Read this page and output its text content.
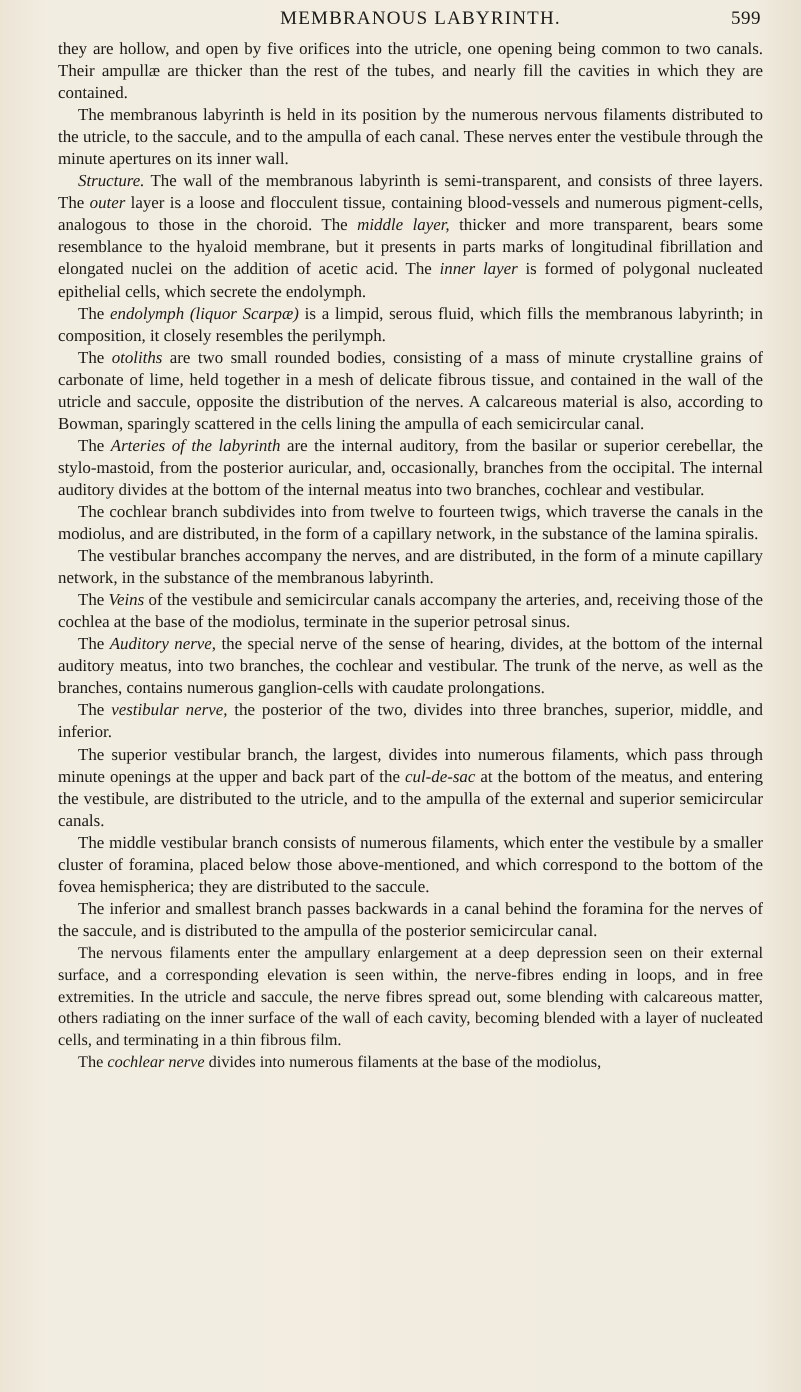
MEMBRANOUS LABYRINTH.	599

they are hollow, and open by five orifices into the utricle, one opening being common to two canals. Their ampullæ are thicker than the rest of the tubes, and nearly fill the cavities in which they are contained.

The membranous labyrinth is held in its position by the numerous nervous filaments distributed to the utricle, to the saccule, and to the ampulla of each canal. These nerves enter the vestibule through the minute apertures on its inner wall.

Structure. The wall of the membranous labyrinth is semi-transparent, and consists of three layers. The outer layer is a loose and flocculent tissue, containing blood-vessels and numerous pigment-cells, analogous to those in the choroid. The middle layer, thicker and more transparent, bears some resemblance to the hyaloid membrane, but it presents in parts marks of longitudinal fibrillation and elongated nuclei on the addition of acetic acid. The inner layer is formed of polygonal nucleated epithelial cells, which secrete the endolymph.

The endolymph (liquor Scarpæ) is a limpid, serous fluid, which fills the membranous labyrinth; in composition, it closely resembles the perilymph.

The otoliths are two small rounded bodies, consisting of a mass of minute crystalline grains of carbonate of lime, held together in a mesh of delicate fibrous tissue, and contained in the wall of the utricle and saccule, opposite the distribution of the nerves. A calcareous material is also, according to Bowman, sparingly scattered in the cells lining the ampulla of each semicircular canal.

The Arteries of the labyrinth are the internal auditory, from the basilar or superior cerebellar, the stylo-mastoid, from the posterior auricular, and, occasionally, branches from the occipital. The internal auditory divides at the bottom of the internal meatus into two branches, cochlear and vestibular.

The cochlear branch subdivides into from twelve to fourteen twigs, which traverse the canals in the modiolus, and are distributed, in the form of a capillary network, in the substance of the lamina spiralis.

The vestibular branches accompany the nerves, and are distributed, in the form of a minute capillary network, in the substance of the membranous labyrinth.

The Veins of the vestibule and semicircular canals accompany the arteries, and, receiving those of the cochlea at the base of the modiolus, terminate in the superior petrosal sinus.

The Auditory nerve, the special nerve of the sense of hearing, divides, at the bottom of the internal auditory meatus, into two branches, the cochlear and vestibular. The trunk of the nerve, as well as the branches, contains numerous ganglion-cells with caudate prolongations.

The vestibular nerve, the posterior of the two, divides into three branches, superior, middle, and inferior.

The superior vestibular branch, the largest, divides into numerous filaments, which pass through minute openings at the upper and back part of the cul-de-sac at the bottom of the meatus, and entering the vestibule, are distributed to the utricle, and to the ampulla of the external and superior semicircular canals.

The middle vestibular branch consists of numerous filaments, which enter the vestibule by a smaller cluster of foramina, placed below those above-mentioned, and which correspond to the bottom of the fovea hemispherica; they are distributed to the saccule.

The inferior and smallest branch passes backwards in a canal behind the foramina for the nerves of the saccule, and is distributed to the ampulla of the posterior semicircular canal.

The nervous filaments enter the ampullary enlargement at a deep depression seen on their external surface, and a corresponding elevation is seen within, the nerve-fibres ending in loops, and in free extremities. In the utricle and saccule, the nerve fibres spread out, some blending with calcareous matter, others radiating on the inner surface of the wall of each cavity, becoming blended with a layer of nucleated cells, and terminating in a thin fibrous film.

The cochlear nerve divides into numerous filaments at the base of the modiolus,
